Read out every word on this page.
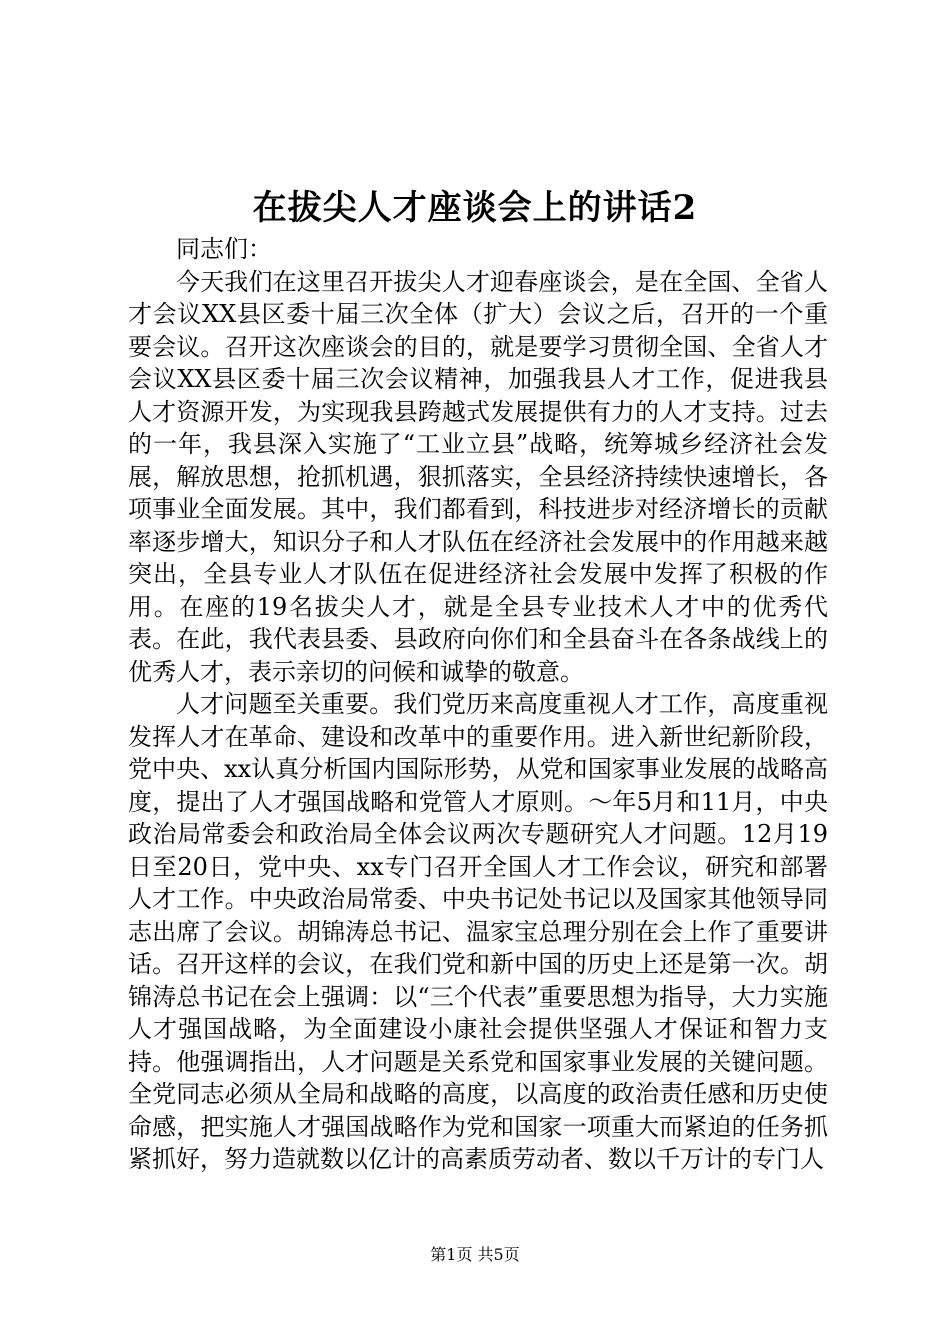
在拔尖人才座谈会上的讲话2

同志们：

今天我们在这里召开拔尖人才迎春座谈会，是在全国、全省人才会议XX县区委十届三次全体（扩大）会议之后，召开的一个重要会议。召开这次座谈会的目的，就是要学习贯彻全国、全省人才会议XX县区委十届三次会议精神，加强我县人才工作，促进我县人才资源开发，为实现我县跨越式发展提供有力的人才支持。过去的一年，我县深入实施了“工业立县”战略，统筹城乡经济社会发展，解放思想，抢抓机遇，狠抓落实，全县经济持续快速增长，各项事业全面发展。其中，我们都看到，科技进步对经济增长的贡献率逐步增大，知识分子和人才队伍在经济社会发展中的作用越来越突出，全县专业人才队伍在促进经济社会发展中发挥了积极的作用。在座的19名拔尖人才，就是全县专业技术人才中的优秀代表。在此，我代表县委、县政府向你们和全县奋斗在各条战线上的优秀人才，表示亲切的问候和诚挚的敬意。

人才问题至关重要。我们党历来高度重视人才工作，高度重视发挥人才在革命、建设和改革中的重要作用。进入新世纪新阶段，党中央、xx认真分析国内国际形势，从党和国家事业发展的战略高度，提出了人才强国战略和党管人才原则。～年5月和11月，中央政治局常委会和政治局全体会议两次专题研究人才问题。12月19日至20日，党中央、xx专门召开全国人才工作会议，研究和部署人才工作。中央政治局常委、中央书记处书记以及国家其他领导同志出席了会议。胡锦涛总书记、温家宝总理分别在会上作了重要讲话。召开这样的会议，在我们党和新中国的历史上还是第一次。胡锦涛总书记在会上强调：以“三个代表”重要思想为指导，大力实施人才强国战略，为全面建设小康社会提供坚强人才保证和智力支持。他强调指出，人才问题是关系党和国家事业发展的关键问题。全党同志必须从全局和战略的高度，以高度的政治责任感和历史使命感，把实施人才强国战略作为党和国家一项重大而紧迫的任务抓紧抓好，努力造就数以亿计的高素质劳动者、数以千万计的专门人

第1页 共5页
